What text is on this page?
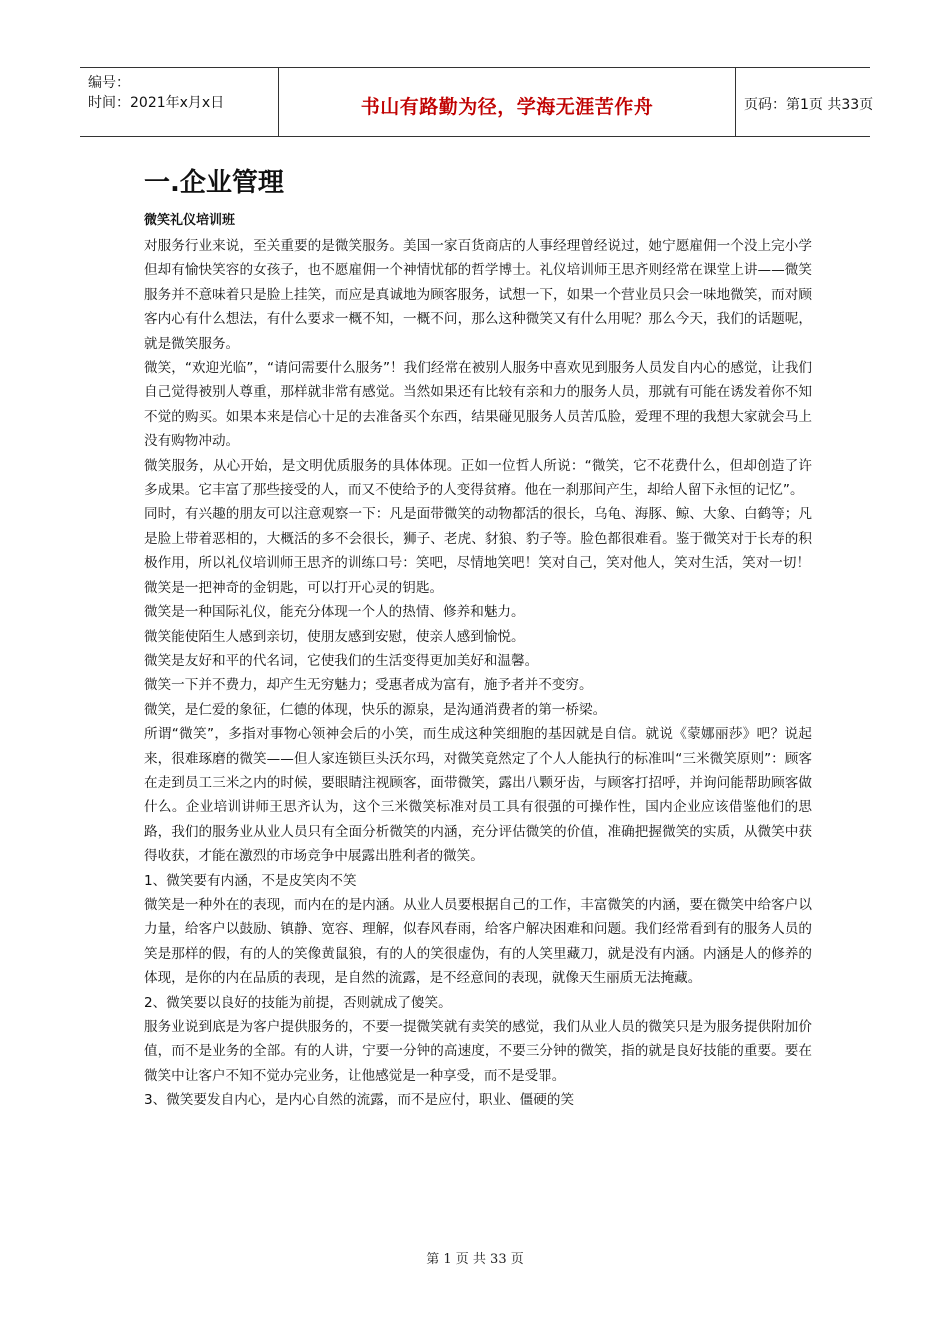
编号：
时间：2021年x月x日	书山有路勤为径，学海无涯苦作舟	页码：第1页 共33页
一.企业管理
微笑礼仪培训班

对服务行业来说，至关重要的是微笑服务。美国一家百货商店的人事经理曾经说过，她宁愿雇佣一个没上完小学但却有愉快笑容的女孩子，也不愿雇佣一个神情忧郁的哲学博士。礼仪培训师王思齐则经常在课堂上讲——微笑服务并不意味着只是脸上挂笑，而应是真诚地为顾客服务，试想一下，如果一个营业员只会一味地微笑，而对顾客内心有什么想法，有什么要求一概不知，一概不问，那么这种微笑又有什么用呢？那么今天，我们的话题呢，就是微笑服务。

微笑，“欢迎光临”，“请问需要什么服务”！我们经常在被别人服务中喜欢见到服务人员发自内心的感觉，让我们自己觉得被别人尊重，那样就非常有感觉。当然如果还有比较有亲和力的服务人员，那就有可能在诱发着你不知不觉的购买。如果本来是信心十足的去准备买个东西，结果碰见服务人员苦瓜脸，爱理不理的我想大家就会马上没有购物冲动。

微笑服务，从心开始，是文明优质服务的具体体现。正如一位哲人所说：“微笑，它不花费什么，但却创造了许多成果。它丰富了那些接受的人，而又不使给予的人变得贫瘠。他在一刹那间产生，却给人留下永恒的记忆”。

同时，有兴趣的朋友可以注意观察一下：凡是面带微笑的动物都活的很长，乌龟、海豚、鲸、大象、白鹤等；凡是脸上带着恶相的，大概活的多不会很长，狮子、老虎、豺狼、豹子等。脸色都很难看。鉴于微笑对于长寿的积极作用，所以礼仪培训师王思齐的训练口号：笑吧，尽情地笑吧！笑对自己，笑对他人，笑对生活，笑对一切！

微笑是一把神奇的金钥匙，可以打开心灵的钥匙。

微笑是一种国际礼仪，能充分体现一个人的热情、修养和魅力。

微笑能使陌生人感到亲切，使朋友感到安慰，使亲人感到愉悦。

微笑是友好和平的代名词，它使我们的生活变得更加美好和温馨。

微笑一下并不费力，却产生无穷魅力；受惠者成为富有，施予者并不变穷。

微笑，是仁爱的象征，仁德的体现，快乐的源泉，是沟通消费者的第一桥梁。

所谓“微笑”，多指对事物心领神会后的小笑，而生成这种笑细胞的基因就是自信。就说《蒙娜丽莎》吧？说起来，很难琢磨的微笑——但人家连锁巨头沃尔玛，对微笑竟然定了个人人能执行的标准叫“三米微笑原则”：顾客在走到员工三米之内的时候，要眼睛注视顾客，面带微笑，露出八颗牙齿，与顾客打招呼，并询问能帮助顾客做什么。企业培训讲师王思齐认为，这个三米微笑标准对员工具有很强的可操作性，国内企业应该借鉴他们的思路，我们的服务业从业人员只有全面分析微笑的内涵，充分评估微笑的价值，准确把握微笑的实质，从微笑中获得收获，才能在激烈的市场竞争中展露出胜利者的微笑。

1、微笑要有内涵，不是皮笑肉不笑

微笑是一种外在的表现，而内在的是内涵。从业人员要根据自己的工作，丰富微笑的内涵，要在微笑中给客户以力量，给客户以鼓励、镇静、宽容、理解，似春风春雨，给客户解决困难和问题。我们经常看到有的服务人员的笑是那样的假，有的人的笑像黄鼠狼，有的人的笑很虚伪，有的人笑里藏刀，就是没有内涵。内涵是人的修养的体现，是你的内在品质的表现，是自然的流露，是不经意间的表现，就像天生丽质无法掩藏。

2、微笑要以良好的技能为前提，否则就成了傻笑。

服务业说到底是为客户提供服务的，不要一提微笑就有卖笑的感觉，我们从业人员的微笑只是为服务提供附加价值，而不是业务的全部。有的人讲，宁要一分钟的高速度，不要三分钟的微笑，指的就是良好技能的重要。要在微笑中让客户不知不觉办完业务，让他感觉是一种享受，而不是受罪。

3、微笑要发自内心，是内心自然的流露，而不是应付，职业、僵硬的笑

第 1 页 共 33 页
